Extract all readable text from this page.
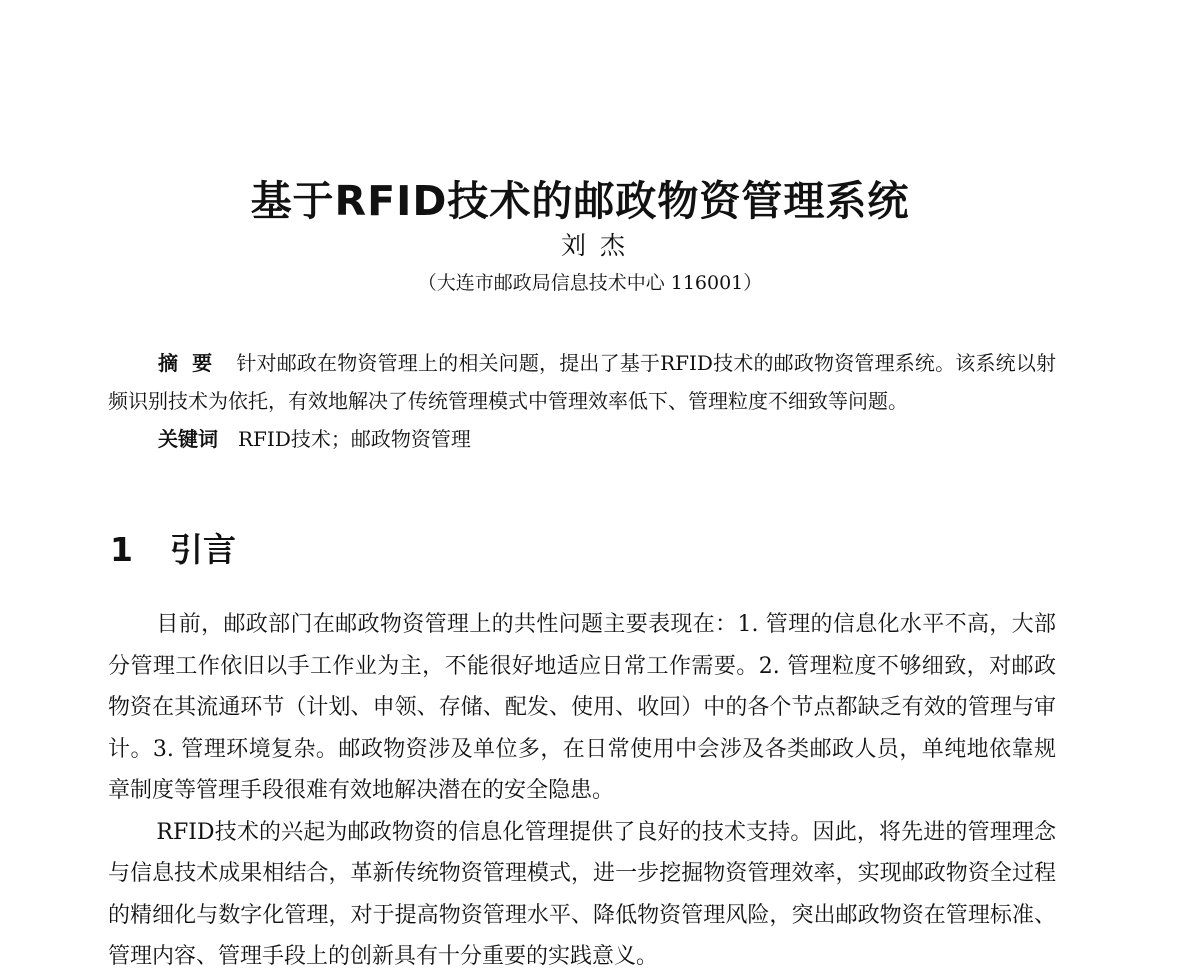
基于RFID技术的邮政物资管理系统
刘杰
（大连市邮政局信息技术中心 116001）

摘要 针对邮政在物资管理上的相关问题，提出了基于RFID技术的邮政物资管理系统。该系统以射频识别技术为依托，有效地解决了传统管理模式中管理效率低下、管理粒度不细致等问题。

关键词 RFID技术；邮政物资管理

1 引言

目前，邮政部门在邮政物资管理上的共性问题主要表现在：1. 管理的信息化水平不高，大部分管理工作依旧以手工作业为主，不能很好地适应日常工作需要。2. 管理粒度不够细致，对邮政物资在其流通环节（计划、申领、存储、配发、使用、收回）中的各个节点都缺乏有效的管理与审计。3. 管理环境复杂。邮政物资涉及单位多，在日常使用中会涉及各类邮政人员，单纯地依靠规章制度等管理手段很难有效地解决潜在的安全隐患。

RFID技术的兴起为邮政物资的信息化管理提供了良好的技术支持。因此，将先进的管理理念与信息技术成果相结合，革新传统物资管理模式，进一步挖掘物资管理效率，实现邮政物资全过程的精细化与数字化管理，对于提高物资管理水平、降低物资管理风险，突出邮政物资在管理标准、管理内容、管理手段上的创新具有十分重要的实践意义。
